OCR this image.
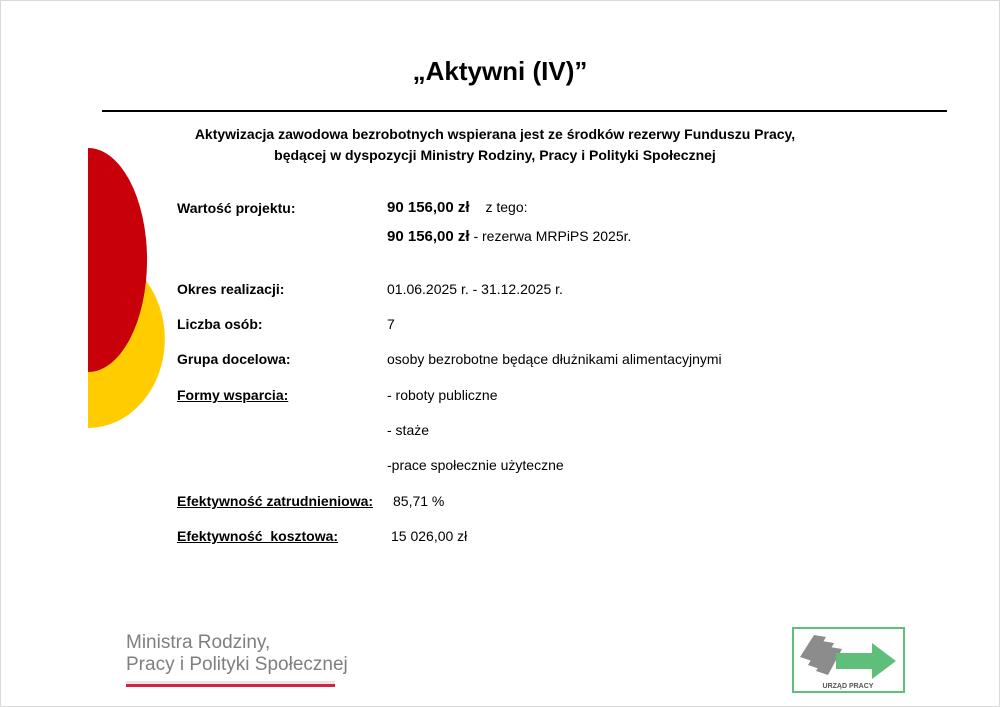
„Aktywni (IV)”
Aktywizacja zawodowa bezrobotnych wspierana jest ze środków rezerwy Funduszu Pracy,
będącej w dyspozycji Ministry Rodziny, Pracy i Polityki Społecznej
Wartość projektu:	90 156,00 zł z tego:
90 156,00 zł - rezerwa MRPiPS 2025r.
Okres realizacji:	01.06.2025 r. - 31.12.2025 r.
Liczba osób:	7
Grupa docelowa:	osoby bezrobotne będące dłużnikami alimentacyjnymi
Formy wsparcia:	- roboty publiczne
- staże
-prace społecznie użyteczne
Efektywność zatrudnieniowa: 85,71 %
Efektywność  kosztowa:	15 026,00 zł
Ministra Rodziny,
Pracy i Polityki Społecznej
URZĄD PRACY
